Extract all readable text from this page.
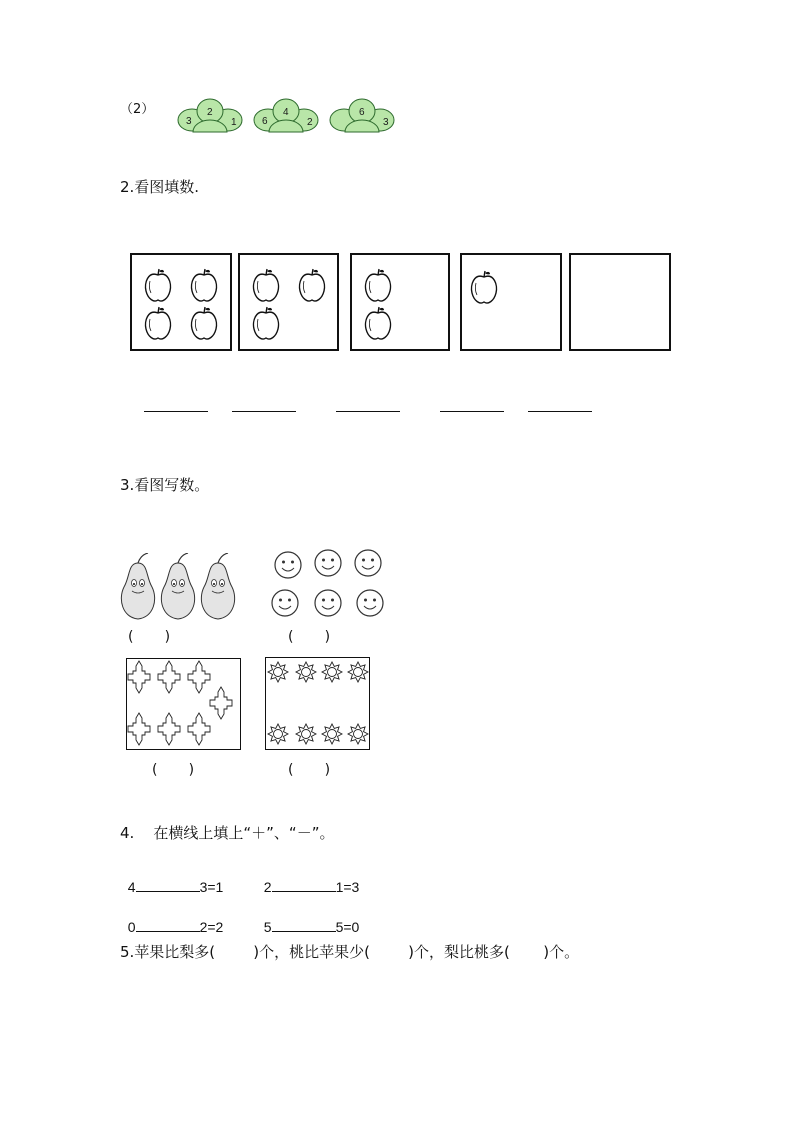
（2）
3
2
1	6
4
2
6
3
2.看图填数.
3.看图写数。
(       )	(       )
(       )	(       )
4.    在横线上填上“＋”、“－”。

4	3=1	2	1=3

0	2=2	5	5=0

5.苹果比梨多(        )个，桃比苹果少(        )个，梨比桃多(       )个。
